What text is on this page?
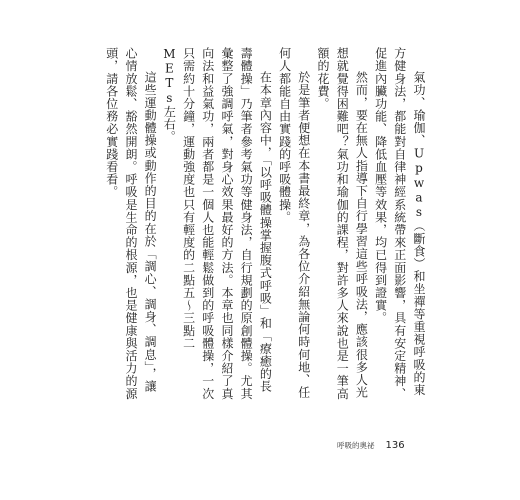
氣功、瑜伽、Upwas（斷食）和坐禪等重視呼吸的東方健身法，都能對自律神經系統帶來正面影響，具有安定精神、促進內臟功能、降低血壓等效果，均已得到證實。

然而，要在無人指導下自行學習這些呼吸法，應該很多人光想就覺得困難吧？氣功和瑜伽的課程，對許多人來說也是一筆高額的花費。

於是筆者便想在本書最終章，為各位介紹無論何時何地、任何人都能自由實踐的呼吸體操。

在本章內容中，「以呼吸體操掌握腹式呼吸」和「療癒的長壽體操」乃筆者參考氣功等健身法，自行規劃的原創體操。尤其彙整了強調呼氣，對身心效果最好的方法。本章也同樣介紹了真向法和益氣功，兩者都是一個人也能輕鬆做到的呼吸體操，一次只需約十分鐘，運動強度也只有輕度的二點五〜三點二METs左右。

這些運動體操或動作的目的在於「調心、調身、調息」，讓心情放鬆、豁然開朗。呼吸是生命的根源，也是健康與活力的源頭，請各位務必實踐看看。

呼吸的奧祕 136
